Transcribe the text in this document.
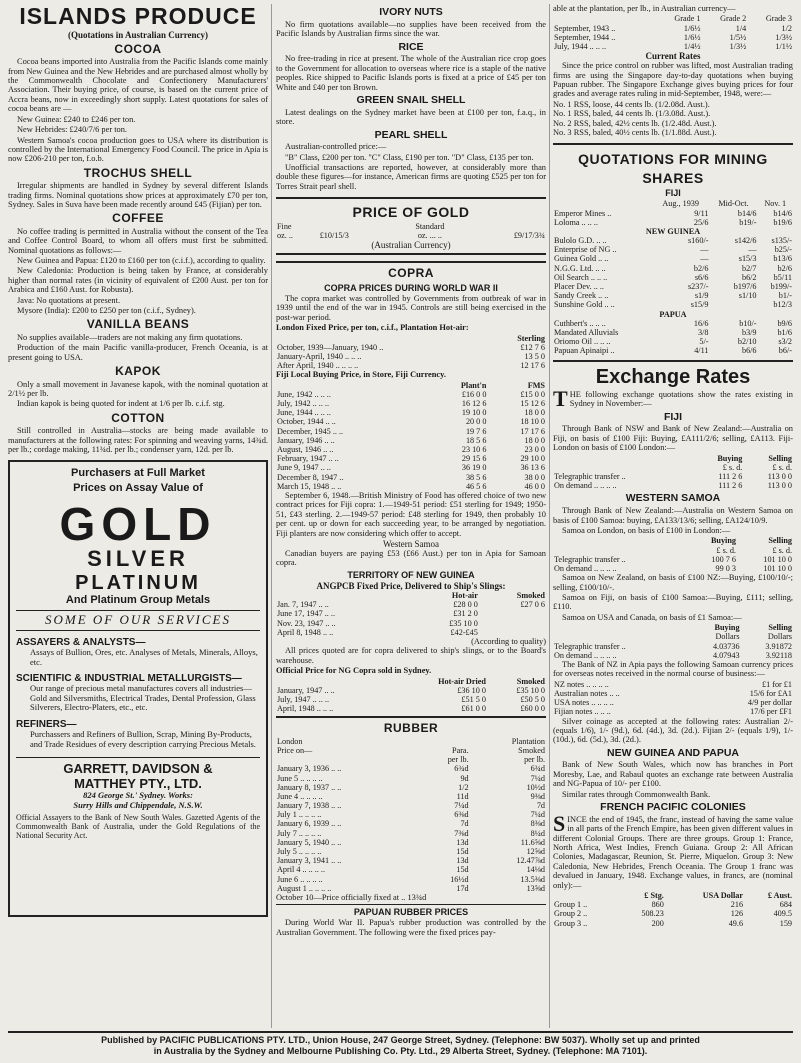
ISLANDS PRODUCE
(Quotations in Australian Currency)
COCOA

Cocoa beans imported into Australia from the Pacific Islands come mainly from New Guinea and the New Hebrides and are purchased almost wholly by the Commonwealth Chocolate and Confectionery Manufacturers' Association. Their buying price, of course, is based on the current price of Accra beans, now in exceedingly short supply. Latest quotations for sales of cocoa beans are —

New Guinea: £240 to £246 per ton.

New Hebrides: £240/7/6 per ton.

Western Samoa's cocoa production goes to USA where its distribution is controlled by the International Emergency Food Council. The price in Apia is now £206-210 per ton, f.o.b.

TROCHUS SHELL

Irregular shipments are handled in Sydney by several different Islands trading firms. Nominal quotations show prices at approximately £70 per ton, Sydney. Sales in Suva have been made recently around £45 (Fijian) per ton.

COFFEE

No coffee trading is permitted in Australia without the consent of the Tea and Coffee Control Board, to whom all offers must first be submitted. Nominal quotations as follows:—

New Guinea and Papua: £120 to £160 per ton (c.i.f.), according to quality.

New Caledonia: Production is being taken by France, at considerably higher than normal rates (in vicinity of equivalent of £200 Aust. per ton for Arabica and £160 Aust. for Robusta).

Java: No quotations at present.

Mysore (India): £200 to £250 per ton (c.i.f., Sydney).

VANILLA BEANS

No supplies available—traders are not making any firm quotations.

Production of the main Pacific vanilla-producer, French Oceania, is at present going to USA.

KAPOK

Only a small movement in Javanese kapok, with the nominal quotation at 2/1½ per lb.

Indian kapok is being quoted for indent at 1/6 per lb. c.i.f. stg.

COTTON

Still controlled in Australia—stocks are being made available to manufacturers at the following rates: For spinning and weaving yarns, 14¾d. per lb.; cordage making, 11¾d. per lb.; condenser yarn, 12d. per lb.

Purchasers at Full Market
Prices on Assay Value of
GOLD
SILVER
PLATINUM
And Platinum Group Metals
SOME OF OUR SERVICES
ASSAYERS & ANALYSTS—
Assays of Bullion, Ores, etc. Analyses of Metals, Minerals, Alloys, etc.
SCIENTIFIC & INDUSTRIAL METALLURGISTS—
Our range of precious metal manufactures covers all industries—Gold and Silversmiths, Electrical Trades, Dental Profession, Glass Silverers, Electro-Platers, etc., etc.
REFINERS—
Purchassers and Refiners of Bullion, Scrap, Mining By-Products, and Trade Residues of every description carrying Precious Metals.
GARRETT, DAVIDSON &
MATTHEY PTY., LTD.
824 George St.' Sydney. Works:
Surry Hills and Chippendale, N.S.W.

Official Assayers to the Bank of New South Wales. Gazetted Agents of the Commonwealth Bank of Australia, under the Gold Regulations of the National Security Act.

IVORY NUTS

No firm quotations available—no supplies have been received from the Pacific Islands by Australian firms since the war.

RICE

No free-trading in rice at present. The whole of the Australian rice crop goes to the Government for allocation to overseas where rice is a staple of the native peoples. Rice shipped to Pacific Islands ports is fixed at a price of £45 per ton White and £40 per ton Brown.

GREEN SNAIL SHELL

Latest dealings on the Sydney market have been at £100 per ton, f.a.q., in store.

PEARL SHELL

Australian-controlled price:—

"B" Class, £200 per ton. "C" Class, £190 per ton. "D" Class, £135 per ton.

Unofficial transactions are reported, however, at considerably more than double these figures—for instance, American firms are quoting £525 per ton for Torres Strait pearl shell.

PRICE OF GOLD
Fine		Standard	
oz. ..	£10/15/3	oz. ... ..	£9/17/3¾
(Australian Currency)
COPRA
COPRA PRICES DURING WORLD WAR II

The copra market was controlled by Governments from outbreak of war in 1939 until the end of the war in 1945. Controls are still being exercised in the post-war period.

London Fixed Price, per ton, c.i.f., Plantation Hot-air:

	Sterling
October, 1939—January, 1940 ..	£12 7 6
January-April, 1940 .. .. ..	13 5 0
After April, 1940 .. .. .. ..	12 17 6

Fiji Local Buying Price, in Store, Fiji Currency.

	Plant'n	FMS
June, 1942 .. .. ..	£16 0 0	£15 0 0
July, 1942 .. .. ..	16 12 6	15 12 6
June, 1944 .. .. ..	19 10 0	18 0 0
October, 1944 .. ..	20 0 0	18 10 0
December, 1945 .. ..	19 7 6	17 17 6
January, 1946 .. ..	18 5 6	18 0 0
August, 1946 .. ..	23 10 6	23 0 0
February, 1947 .. ..	29 15 6	29 10 0
June 9, 1947 .. ..	36 19 0	36 13 6
December 8, 1947 ..	38 5 6	38 0 0
March 15, 1948 .. ..	46 5 6	46 0 0

September 6, 1948.—British Ministry of Food has offered choice of two new contract prices for Fiji copra: 1.—1949-51 period: £51 sterling for 1949; 1950-51, £43 sterling. 2.—1949-57 period: £48 sterling for 1949, then probably 10 per cent. up or down for each succeeding year, to be arranged by negotiation. Fiji planters are now considering which offer to accept.

Western Samoa

Canadian buyers are paying £53 (£66 Aust.) per ton in Apia for Samoan copra.

TERRITORY OF NEW GUINEA
ANGPCB Fixed Price, Delivered to Ship's Slings:
	Hot-air	Smoked
Jan. 7, 1947 .. ..	£28 0 0	£27 0 6
June 17, 1947 .. ..	£31 2 0	
Nov. 23, 1947 .. ..	£35 10 0	
April 8, 1948 .. ..	£42-£45	
(According to quality)

All prices quoted are for copra delivered to ship's slings, or to the Board's warehouse.

Official Price for NG Copra sold in Sydney.

	Hot-air Dried	Smoked
January, 1947 .. ..	£36 10 0	£35 10 0
July, 1947 .. .. ..	£51 5 0	£50 5 0
April, 1948 .. .. ..	£61 0 0	£60 0 0
RUBBER
London		Plantation
Price on—	Para.	Smoked
	per lb.	per lb.
January 3, 1936 .. ..	6¾d	6¾d
June 5 .. .. .. ..	9d	7¼d
January 8, 1937 .. ..	1/2	10½d
June 4 .. .. .. ..	11d	9⅜d
January 7, 1938 .. ..	7¼d	7d
July 1 .. .. .. ..	6⅜d	7¼d
January 6, 1939 .. ..	7d	8⅜d
July 7 .. .. .. ..	7⅜d	8¼d
January 5, 1940 .. ..	13d	11.6⅝d
July 5 .. .. .. ..	15d	12⅝d
January 3, 1941 .. ..	13d	12.47⅞d
April 4 .. .. .. ..	15d	14⅛d
June 6 .. .. .. ..	16½d	13.5⅜d
August 1 .. .. .. ..	17d	13⅝d

October 10—Price officially fixed at .. 13¾d

PAPUAN RUBBER PRICES

During World War II. Papua's rubber production was controlled by the Australian Government. The following were the fixed prices pay-

able at the plantation, per lb., in Australian currency—

	Grade 1	Grade 2	Grade 3
September, 1943 ..	1/6½	1/4	1/2
September, 1944 ..	1/6½	1/5½	1/3½
July, 1944 .. .. ..	1/4½	1/3½	1/1½
Current Rates

Since the price control on rubber was lifted, most Australian trading firms are using the Singapore day-to-day quotations when buying Papuan rubber. The Singapore Exchange gives buying prices for four grades and average rates ruling in mid-September, 1948, were:—

No. 1 RSS, loose, 44 cents lb. (1/2.08d. Aust.).
No. 1 RSS, baled, 44 cents lb. (1/3.08d. Aust.).
No. 2 RSS, baled, 42½ cents lb. (1/2.48d. Aust.).
No. 3 RSS, baled, 40½ cents lb. (1/1.88d. Aust.).
QUOTATIONS FOR MINING
SHARES
FIJI
	Aug., 1939	Mid-Oct.	Nov. 1
Emperor Mines ..	9/11	b14/6	b14/6
Loloma .. .. ..	25/6	b19/-	b19/6
NEW GUINEA			
Bulolo G.D. .. ..	s160/-	s142/6	s135/-
Enterprise of NG ..	—	—	b25/-
Guinea Gold .. ..	—	s15/3	b13/6
N.G.G. Ltd. .. ..	b2/6	b2/7	b2/6
Oil Search .. .. ..	s6/6	b6/2	b5/11
Placer Dev. .. ..	s237/-	b197/6	b199/-
Sandy Creek .. ..	s1/9	s1/10	b1/-
Sunshine Gold .. ..	s15/9		b12/3
PAPUA			
Cuthbert's .. .. ..	16/6	b10/-	b9/6
Mandated Alluvials	3/8	b3/9	b1/6
Oriomo Oil .. .. ..	5/-	b2/10	s3/2
Papuan Apinaipi ..	4/11	b6/6	b6/-
Exchange Rates

THE following exchange quotations show the rates existing in Sydney in November:—

FIJI

Through Bank of NSW and Bank of New Zealand:—Australia on Fiji, on basis of £100 Fiji: Buying, £A111/2/6; selling, £A113. Fiji-London on basis of £100 London:—

	Buying	Selling
	£ s. d.	£ s. d.
Telegraphic transfer ..	111 2 6	113 0 0
On demand .. .. .. ..	111 2 6	113 0 0
WESTERN SAMOA

Through Bank of New Zealand:—Australia on Western Samoa on basis of £100 Samoa: buying, £A133/13/6; selling, £A124/10/9.

Samoa on London, on basis of £100 in London:—

	Buying	Selling
	£ s. d.	£ s. d.
Telegraphic transfer ..	100 7 6	101 10 0
On demand .. .. .. ..	99 0 3	101 10 0

Samoa on New Zealand, on basis of £100 NZ:—Buying, £100/10/-; selling, £100/10/-.

Samoa on Fiji, on basis of £100 Samoa:—Buying, £111; selling, £110.

Samoa on USA and Canada, on basis of £1 Samoa:—

	Buying	Selling
	Dollars	Dollars
Telegraphic transfer ..	4.03736	3.91872
On demand .. .. .. ..	4.07943	3.92118

The Bank of NZ in Apia pays the following Samoan currency prices for overseas notes received in the normal course of business:—

NZ notes .. .. .. ..	£1 for £1
Australian notes .. ..	15/6 for £A1
USA notes .. .. .. ..	4/9 per dollar
Fijian notes .. .. ..	17/6 per £F1

Silver coinage as accepted at the following rates: Australian 2/- (equals 1/6), 1/- (9d.), 6d. (4d.), 3d. (2d.). Fijian 2/- (equals 1/9), 1/- (10d.), 6d. (5d.), 3d. (2d.).

NEW GUINEA AND PAPUA

Bank of New South Wales, which now has branches in Port Moresby, Lae, and Rabaul quotes an exchange rate between Australia and NG-Papua of 10/- per £100.

Similar rates through Commonwealth Bank.

FRENCH PACIFIC COLONIES

SINCE the end of 1945, the franc, instead of having the same value in all parts of the French Empire, has been given different values in different Colonial Groups. There are three groups. Group 1: France, North Africa, West Indies, French Guiana. Group 2: All African Colonies, Madagascar, Reunion, St. Pierre, Miquelon. Group 3: New Caledonia, New Hebrides, French Oceania. The Group 1 franc was devalued in January, 1948. Exchange values, in francs, are (nominal only):—

	£ Stg.	USA Dollar	£ Aust.
Group 1 ..	860	216	684
Group 2 ..	508.23	126	409.5
Group 3 ..	200	49.6	159
Published by PACIFIC PUBLICATIONS PTY. LTD., Union House, 247 George Street, Sydney. (Telephone: BW 5037). Wholly set up and printed
in Australia by the Sydney and Melbourne Publishing Co. Pty. Ltd., 29 Alberta Street, Sydney. (Telephone: MA 7101).
